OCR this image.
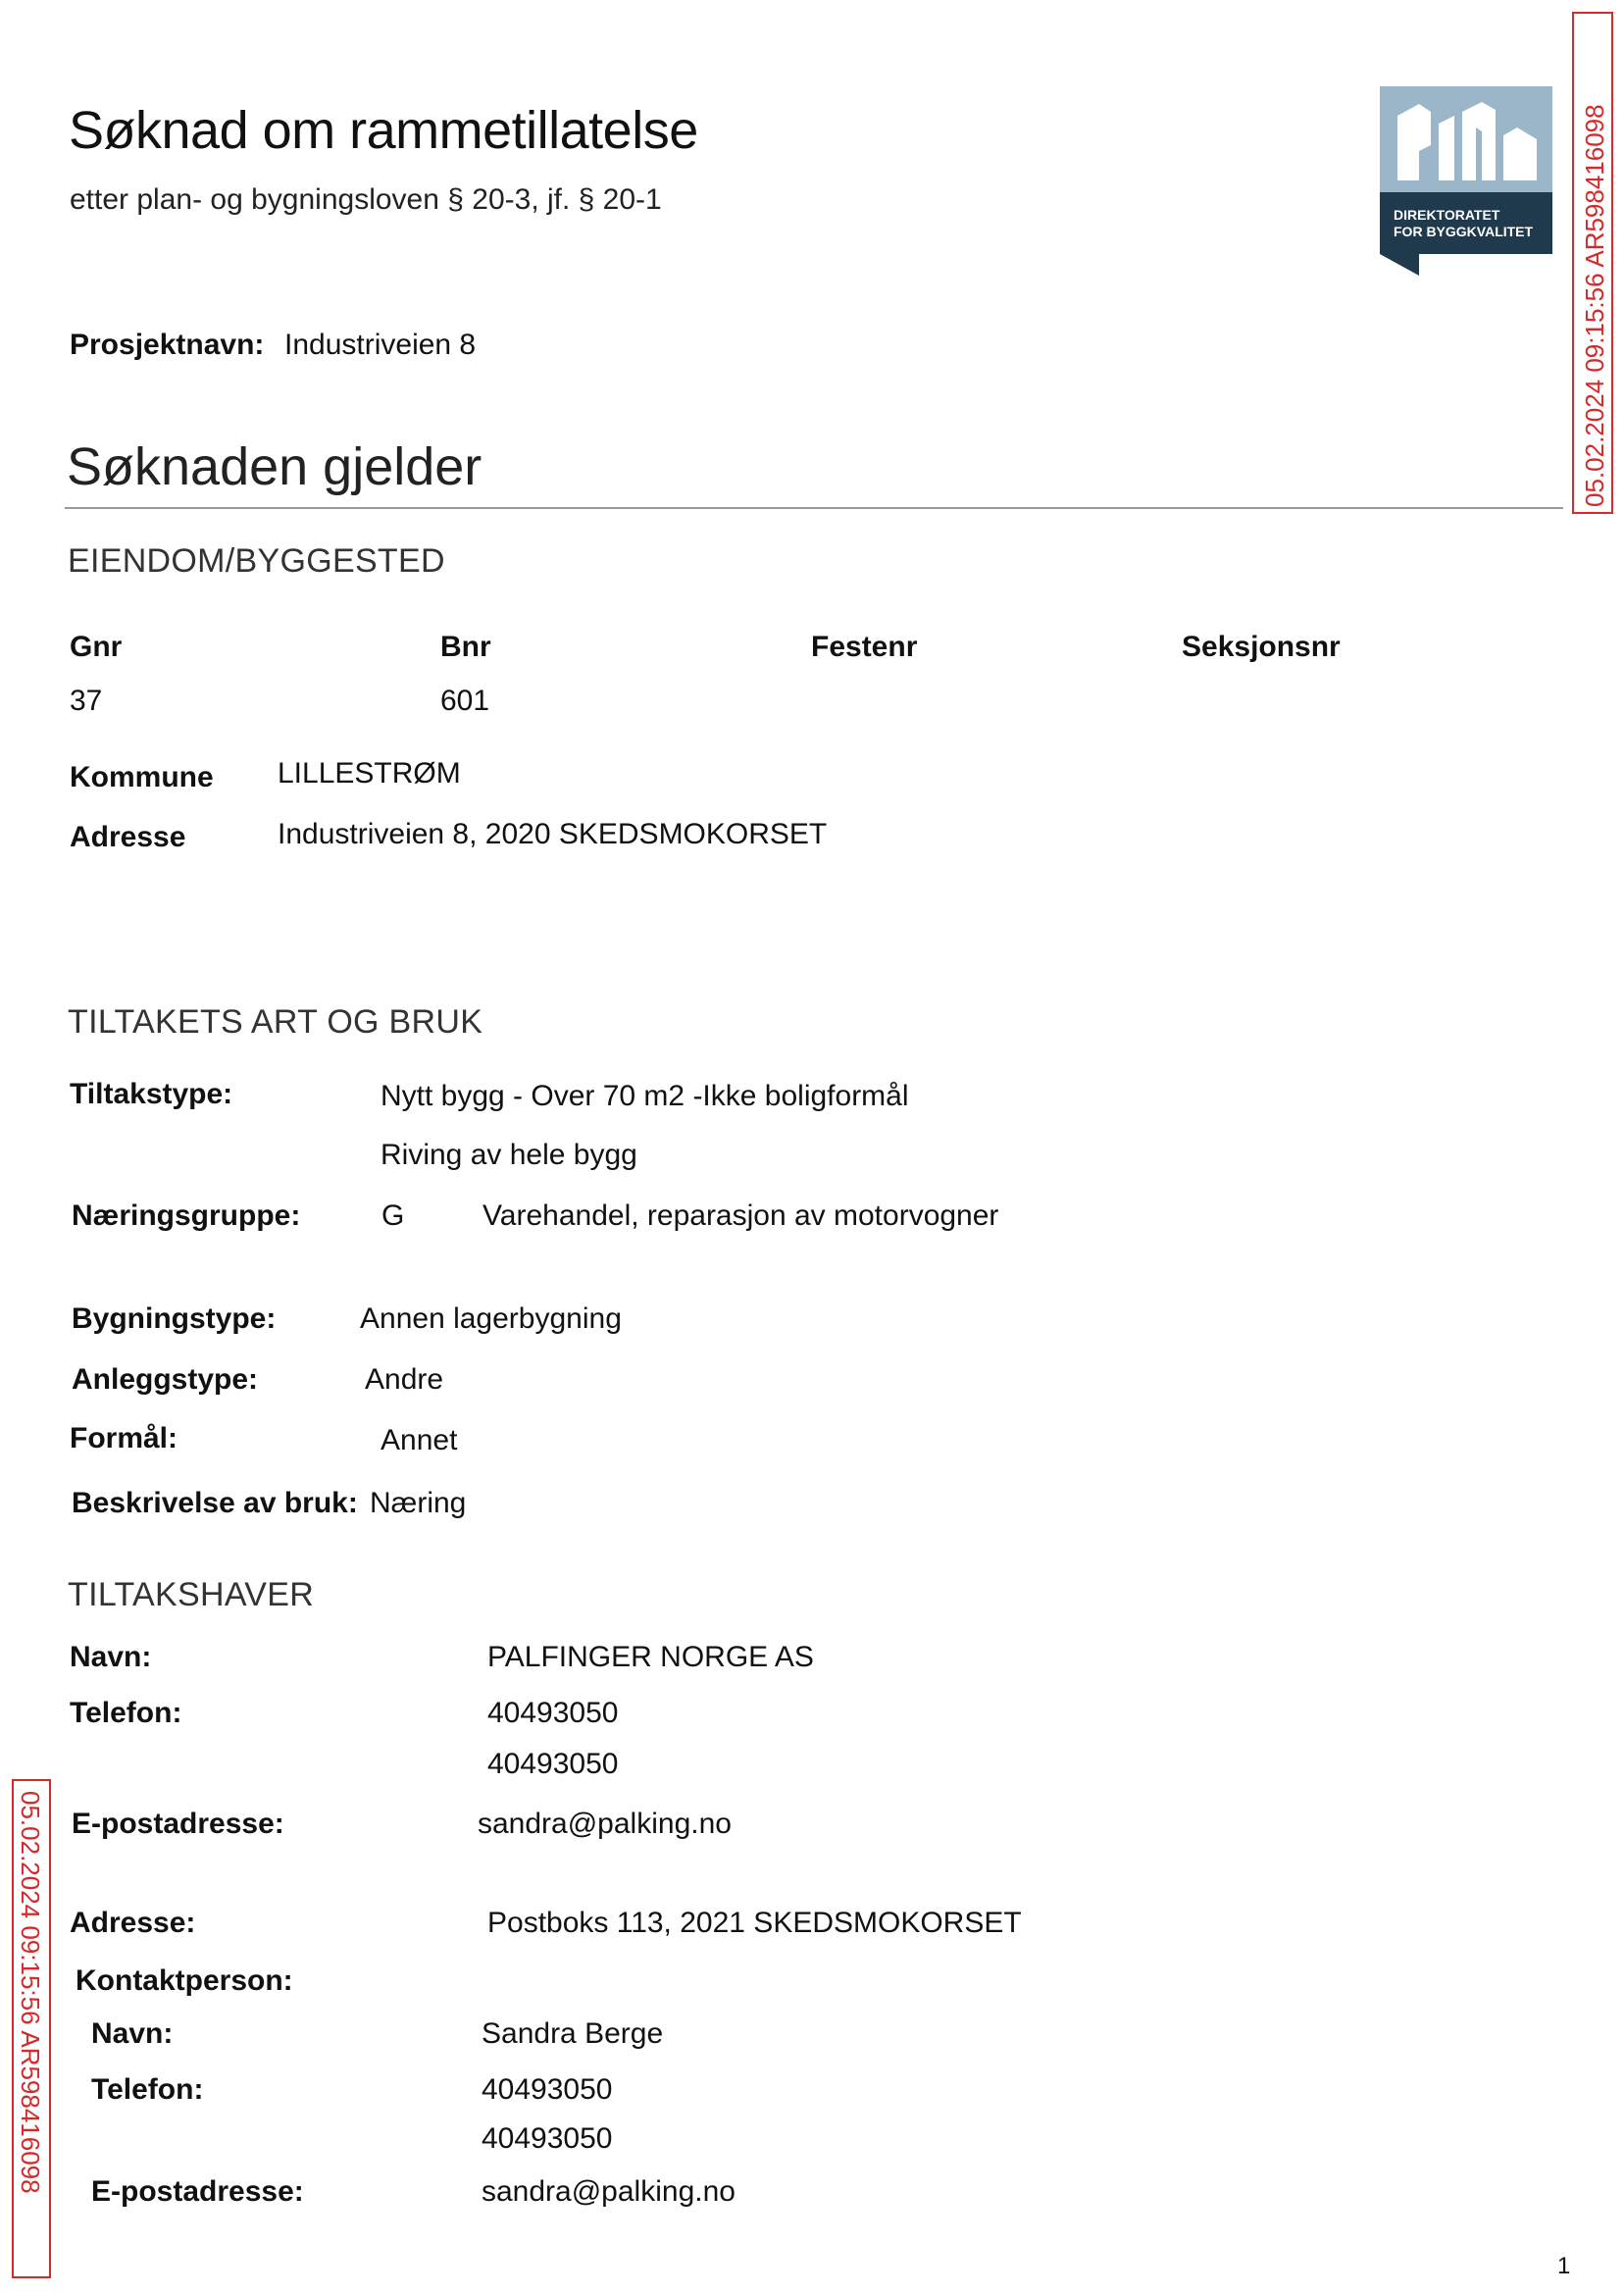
Søknad om rammetillatelse
etter plan- og bygningsloven § 20-3, jf. § 20-1	DIREKTORATET
FOR BYGGKVALITET 05.02.2024 09:15:56 AR598416098
05.02.2024 09:15:56 AR598416098
Prosjektnavn: Industriveien 8
Søknaden gjelder
EIENDOM/BYGGESTED
Gnr	Bnr	Festenr	Seksjonsnr
37	601
Kommune LILLESTRØM
Adresse	Industriveien 8, 2020 SKEDSMOKORSET
TILTAKETS ART OG BRUK
Tiltakstype:	Nytt bygg - Over 70 m2 -Ikke boligformål
Riving av hele bygg
Næringsgruppe:	G	Varehandel, reparasjon av motorvogner
Bygningstype:	Annen lagerbygning
Anleggstype:	Andre
Formål:	Annet
Beskrivelse av bruk: Næring
TILTAKSHAVER
Navn:	PALFINGER NORGE AS
Telefon:	40493050
40493050
E-postadresse:	sandra@palking.no
Adresse:	Postboks 113, 2021 SKEDSMOKORSET
Kontaktperson:
Navn:	Sandra Berge
Telefon:	40493050
40493050
E-postadresse:	sandra@palking.no
1
